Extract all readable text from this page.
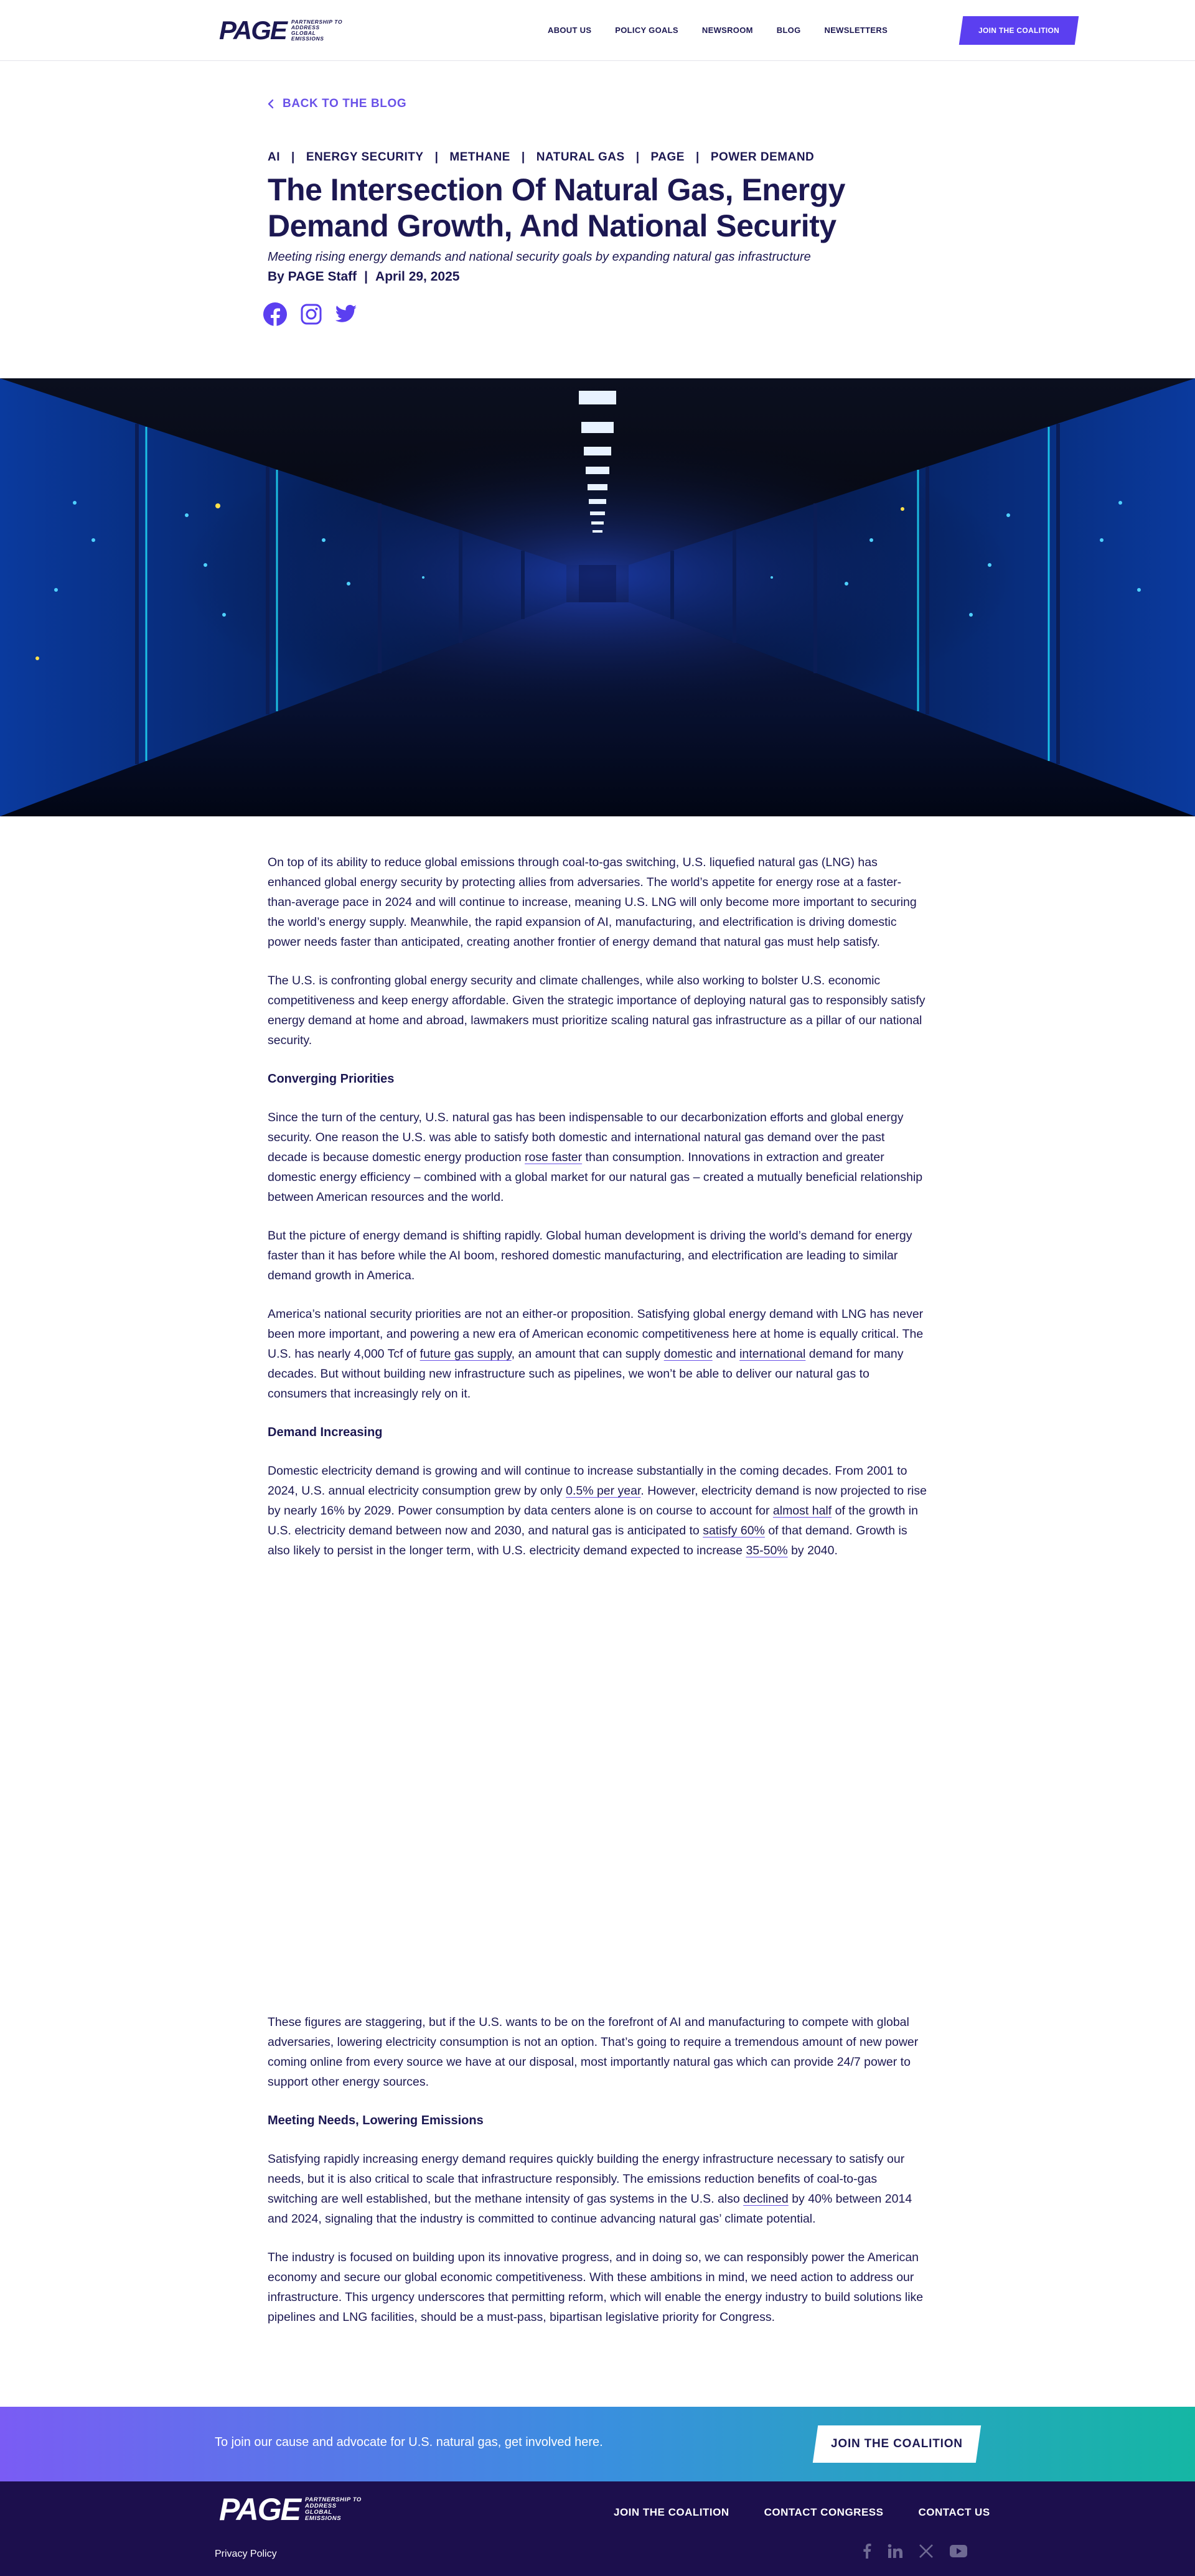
PAGE PARTNERSHIP TO
ADDRESS
GLOBAL
EMISSIONS
ABOUT US	POLICY GOALS	NEWSROOM	BLOG	NEWSLETTERS	JOIN THE COALITION
BACK TO THE BLOG
AI | ENERGY SECURITY | METHANE | NATURAL GAS | PAGE | POWER DEMAND
The Intersection Of Natural Gas, Energy
Demand Growth, And National Security
Meeting rising energy demands and national security goals by expanding natural gas infrastructure
By PAGE Staff | April 29, 2025

On top of its ability to reduce global emissions through coal-to-gas switching, U.S. liquefied natural gas (LNG) has enhanced global energy security by protecting allies from adversaries. The world’s appetite for energy rose at a faster-than-average pace in 2024 and will continue to increase, meaning U.S. LNG will only become more important to securing the world’s energy supply. Meanwhile, the rapid expansion of AI, manufacturing, and electrification is driving domestic power needs faster than anticipated, creating another frontier of energy demand that natural gas must help satisfy.

The U.S. is confronting global energy security and climate challenges, while also working to bolster U.S. economic competitiveness and keep energy affordable. Given the strategic importance of deploying natural gas to responsibly satisfy energy demand at home and abroad, lawmakers must prioritize scaling natural gas infrastructure as a pillar of our national security.

Converging Priorities

Since the turn of the century, U.S. natural gas has been indispensable to our decarbonization efforts and global energy security. One reason the U.S. was able to satisfy both domestic and international natural gas demand over the past decade is because domestic energy production rose faster than consumption. Innovations in extraction and greater domestic energy efficiency – combined with a global market for our natural gas – created a mutually beneficial relationship between American resources and the world.

But the picture of energy demand is shifting rapidly. Global human development is driving the world’s demand for energy faster than it has before while the AI boom, reshored domestic manufacturing, and electrification are leading to similar demand growth in America.

America’s national security priorities are not an either-or proposition. Satisfying global energy demand with LNG has never been more important, and powering a new era of American economic competitiveness here at home is equally critical. The U.S. has nearly 4,000 Tcf of future gas supply, an amount that can supply domestic and international demand for many decades. But without building new infrastructure such as pipelines, we won’t be able to deliver our natural gas to consumers that increasingly rely on it.

Demand Increasing

Domestic electricity demand is growing and will continue to increase substantially in the coming decades. From 2001 to 2024, U.S. annual electricity consumption grew by only 0.5% per year. However, electricity demand is now projected to rise by nearly 16% by 2029. Power consumption by data centers alone is on course to account for almost half of the growth in U.S. electricity demand between now and 2030, and natural gas is anticipated to satisfy 60% of that demand. Growth is also likely to persist in the longer term, with U.S. electricity demand expected to increase 35-50% by 2040.

These figures are staggering, but if the U.S. wants to be on the forefront of AI and manufacturing to compete with global adversaries, lowering electricity consumption is not an option. That’s going to require a tremendous amount of new power coming online from every source we have at our disposal, most importantly natural gas which can provide 24/7 power to support other energy sources.

Meeting Needs, Lowering Emissions

Satisfying rapidly increasing energy demand requires quickly building the energy infrastructure necessary to satisfy our needs, but it is also critical to scale that infrastructure responsibly. The emissions reduction benefits of coal-to-gas switching are well established, but the methane intensity of gas systems in the U.S. also declined by 40% between 2014 and 2024, signaling that the industry is committed to continue advancing natural gas’ climate potential.

The industry is focused on building upon its innovative progress, and in doing so, we can responsibly power the American economy and secure our global economic competitiveness. With these ambitions in mind, we need action to address our infrastructure. This urgency underscores that permitting reform, which will enable the energy industry to build solutions like pipelines and LNG facilities, should be a must-pass, bipartisan legislative priority for Congress.

To join our cause and advocate for U.S. natural gas, get involved here.	JOIN THE COALITION
PAGE PARTNERSHIP TO
ADDRESS
GLOBAL
EMISSIONS
JOIN THE COALITION	CONTACT CONGRESS	CONTACT US
Privacy Policy
